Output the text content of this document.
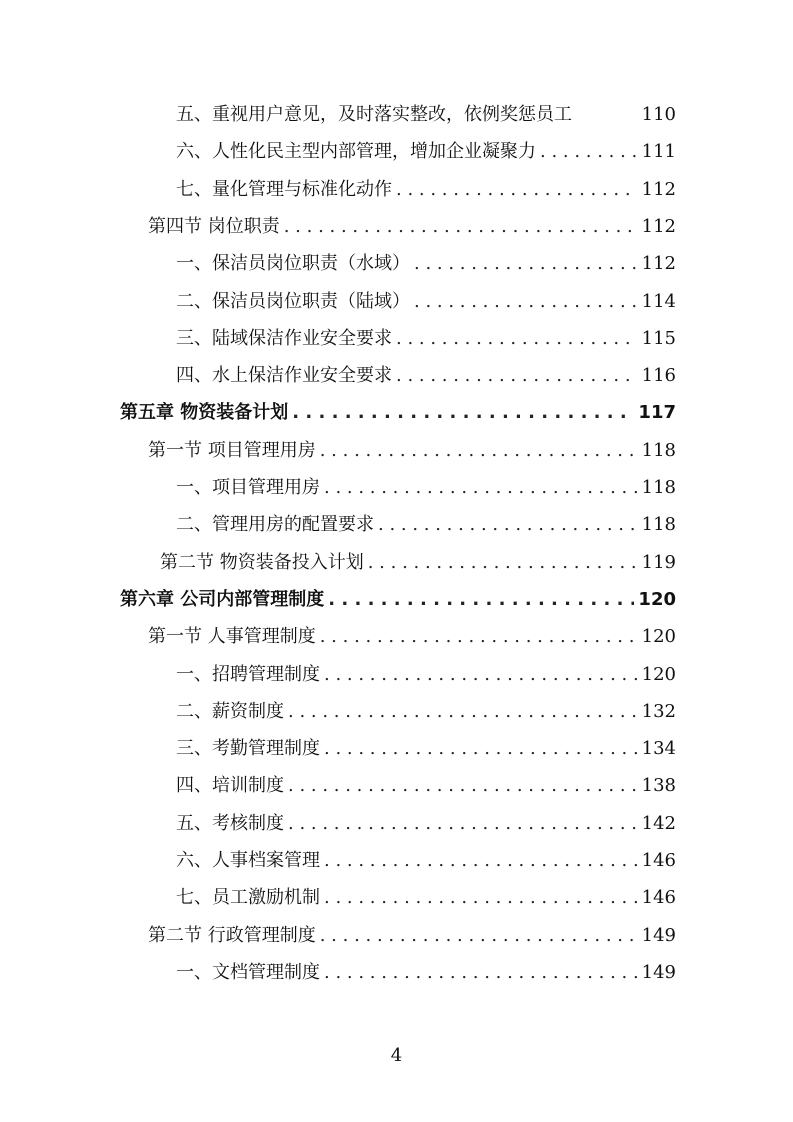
五、重视用户意见，及时落实整改，依例奖惩员工	110
六、人性化民主型内部管理，增加企业凝聚力 . . .	111
七、量化管理与标准化动作 . . .	112
第四节 岗位职责 . . .	112
一、保洁员岗位职责（水域） . . .	112
二、保洁员岗位职责（陆域） . . .	114
三、陆域保洁作业安全要求 . . .	115
四、水上保洁作业安全要求 . . .	116
第五章 物资装备计划 . . .	117
第一节 项目管理用房 . . .	118
一、项目管理用房 . . .	118
二、管理用房的配置要求 . . .	118
第二节 物资装备投入计划 . . .	119
第六章 公司内部管理制度 . . .	120
第一节 人事管理制度 . . .	120
一、招聘管理制度 . . .	120
二、薪资制度 . . .	132
三、考勤管理制度 . . .	134
四、培训制度 . . .	138
五、考核制度 . . .	142
六、人事档案管理 . . .	146
七、员工激励机制 . . .	146
第二节 行政管理制度 . . .	149
一、文档管理制度 . . .	149
4
